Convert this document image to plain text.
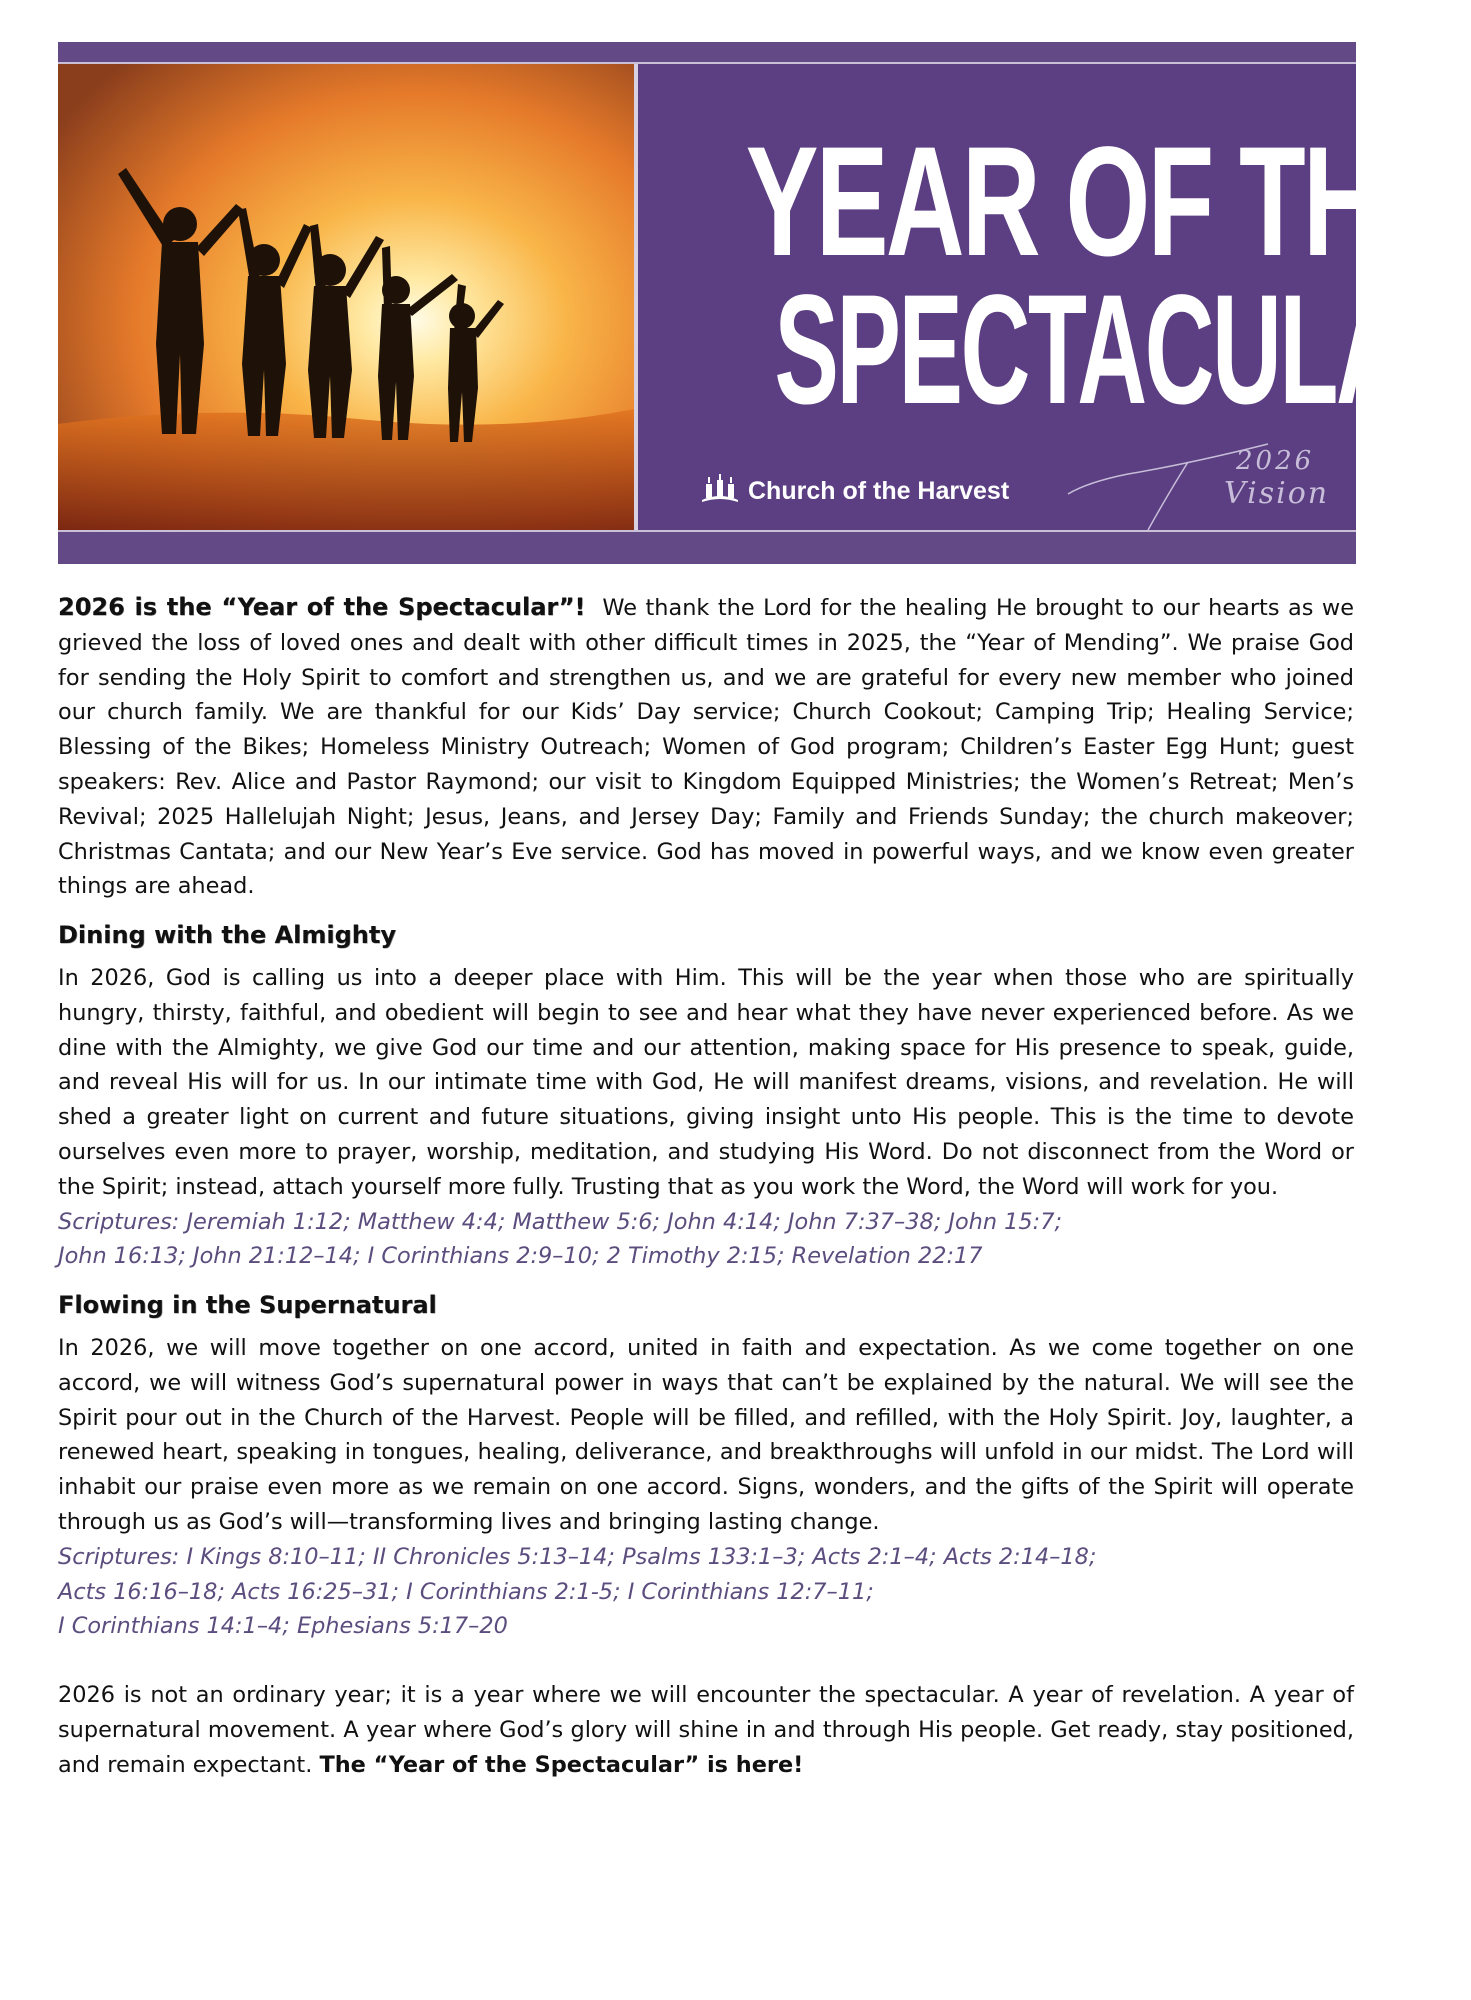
YEAR OF THE
SPECTACULAR
Church of the Harvest
2026
Vision

2026 is the “Year of the Spectacular”! We thank the Lord for the healing He brought to our hearts as we grieved the loss of loved ones and dealt with other difficult times in 2025, the “Year of Mending”. We praise God for sending the Holy Spirit to comfort and strengthen us, and we are grateful for every new member who joined our church family. We are thankful for our Kids’ Day service; Church Cookout; Camping Trip; Healing Service; Blessing of the Bikes; Homeless Ministry Outreach; Women of God program; Children’s Easter Egg Hunt; guest speakers: Rev. Alice and Pastor Raymond; our visit to Kingdom Equipped Ministries; the Women’s Retreat; Men’s Revival; 2025 Hallelujah Night; Jesus, Jeans, and Jersey Day; Family and Friends Sunday; the church makeover; Christmas Cantata; and our New Year’s Eve service. God has moved in powerful ways, and we know even greater things are ahead.

Dining with the Almighty

In 2026, God is calling us into a deeper place with Him. This will be the year when those who are spiritually hungry, thirsty, faithful, and obedient will begin to see and hear what they have never experienced before. As we dine with the Almighty, we give God our time and our attention, making space for His presence to speak, guide, and reveal His will for us. In our intimate time with God, He will manifest dreams, visions, and revelation. He will shed a greater light on current and future situations, giving insight unto His people. This is the time to devote ourselves even more to prayer, worship, meditation, and studying His Word. Do not disconnect from the Word or the Spirit; instead, attach yourself more fully. Trusting that as you work the Word, the Word will work for you.

Scriptures: Jeremiah 1:12; Matthew 4:4; Matthew 5:6; John 4:14; John 7:37–38; John 15:7;
John 16:13; John 21:12–14; I Corinthians 2:9–10; 2 Timothy 2:15; Revelation 22:17
Flowing in the Supernatural

In 2026, we will move together on one accord, united in faith and expectation. As we come together on one accord, we will witness God’s supernatural power in ways that can’t be explained by the natural. We will see the Spirit pour out in the Church of the Harvest. People will be filled, and refilled, with the Holy Spirit. Joy, laughter, a renewed heart, speaking in tongues, healing, deliverance, and breakthroughs will unfold in our midst. The Lord will inhabit our praise even more as we remain on one accord. Signs, wonders, and the gifts of the Spirit will operate through us as God’s will—transforming lives and bringing lasting change.

Scriptures: I Kings 8:10–11; II Chronicles 5:13–14; Psalms 133:1–3; Acts 2:1–4; Acts 2:14–18;
Acts 16:16–18; Acts 16:25–31; I Corinthians 2:1-5; I Corinthians 12:7–11;
I Corinthians 14:1–4; Ephesians 5:17–20

2026 is not an ordinary year; it is a year where we will encounter the spectacular. A year of revelation. A year of supernatural movement. A year where God’s glory will shine in and through His people. Get ready, stay positioned, and remain expectant. The “Year of the Spectacular” is here!
